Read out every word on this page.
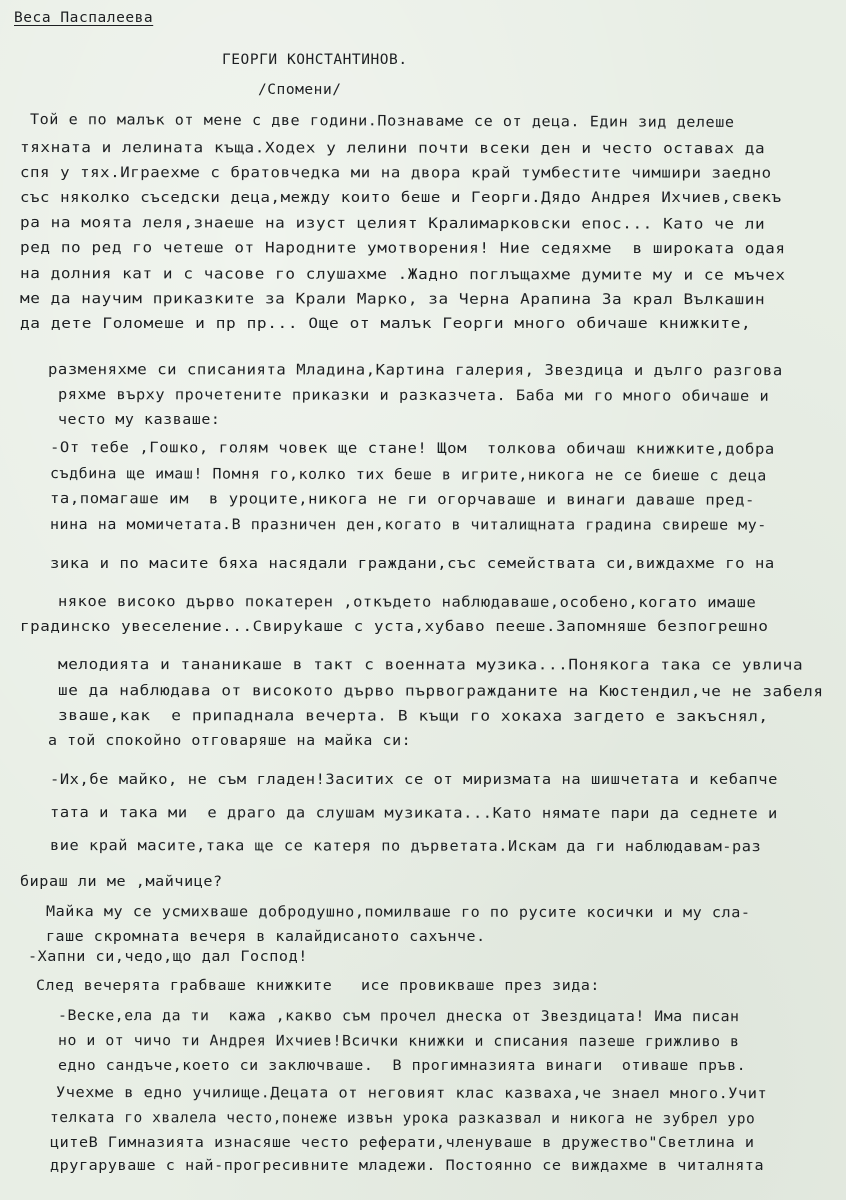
Веса Паспалеева
ГЕОРГИ КОНСТАНТИНОВ.
/Спомени/
Той е по малък от мене с две години.Познаваме се от деца. Един зид делеше
тяхната и лелината къща.Ходех у лелини почти всеки ден и често оставах да
спя у тях.Играехме с братовчедка ми на двора край тумбестите чимшири заедно
със няколко съседски деца,между които беше и Георги.Дядо Андрея Ихчиев,свекъ
ра на моята леля,знаеше на изуст целият Кралимарковски епос... Като че ли
ред по ред го четеше от Народните умотворения! Ние седяхме  в широката одая
на долния кат и с часове го слушахме .Жадно поглъщахме думите му и се мъчех
ме да научим приказките за Крали Марко, за Черна Арапина За крал Вълкашин
да дете Голомеше и пр пр... Още от малък Георги много обичаше книжките,
разменяхме си списанията Младина,Картина галерия, Звездица и дълго разгова
ряхме върху прочетените приказки и разказчета. Баба ми го много обичаше и
често му казваше:
-От тебе ,Гошко, голям човек ще стане! Щом  толкова обичаш книжките,добра
съдбина ще имаш! Помня го,колко тих беше в игрите,никога не се биеше с деца
та,помагаше им  в уроците,никога не ги огорчаваше и винаги даваше пред-
нина на момичетата.В празничен ден,когато в читалищната градина свиреше му-
зика и по масите бяха насядали граждани,със семействата си,виждахме го на
някое високо дърво покатерен ,откъдето наблюдаваше,особено,когато имаше
градинско увеселение...Свируkаше с уста,хубаво пееше.Запомняше безпогрешно
мелодията и тананикаше в такт с военната музика...Понякога така се увлича
ше да наблюдава от високото дърво първогражданите на Кюстендил,че не забеля
зваше,как  е припаднала вечерта. В къщи го хокаха загдето е закъснял,
а той спокойно отговаряше на майка си:
-Их,бе майко, не съм гладен!Заситих се от миризмата на шишчетата и кебапче
тата и така ми  е драго да слушам музиката...Като нямате пари да седнете и
вие край масите,така ще се катеря по дърветата.Искам да ги наблюдавам-раз
бираш ли ме ,майчице?
Майка му се усмихваше добродушно,помилваше го по русите косички и му сла-
гаше скромната вечеря в калайдисаното сахънче.
-Хапни си,чедо,що дал Господ!
След вечерята грабваше книжките   исе провикваше през зида:
-Веске,ела да ти  кажа ,какво съм прочел днеска от Звездицата! Има писан
но и от чичо ти Андрея Ихчиев!Всички книжки и списания пазеше грижливо в
едно сандъче,което си заключваше.  В прогимназията винаги  отиваше пръв.
Учехме в едно училище.Децата от неговият клас казваха,че знаел много.Учит
телката го хвалела често,понеже извън урока разказвал и никога не зубрел уро
цитеВ Гимназията изнасяше често реферати,членуваше в дружество"Светлина и
другаруваше с най-прогресивните младежи. Постоянно се виждахме в читалнята
